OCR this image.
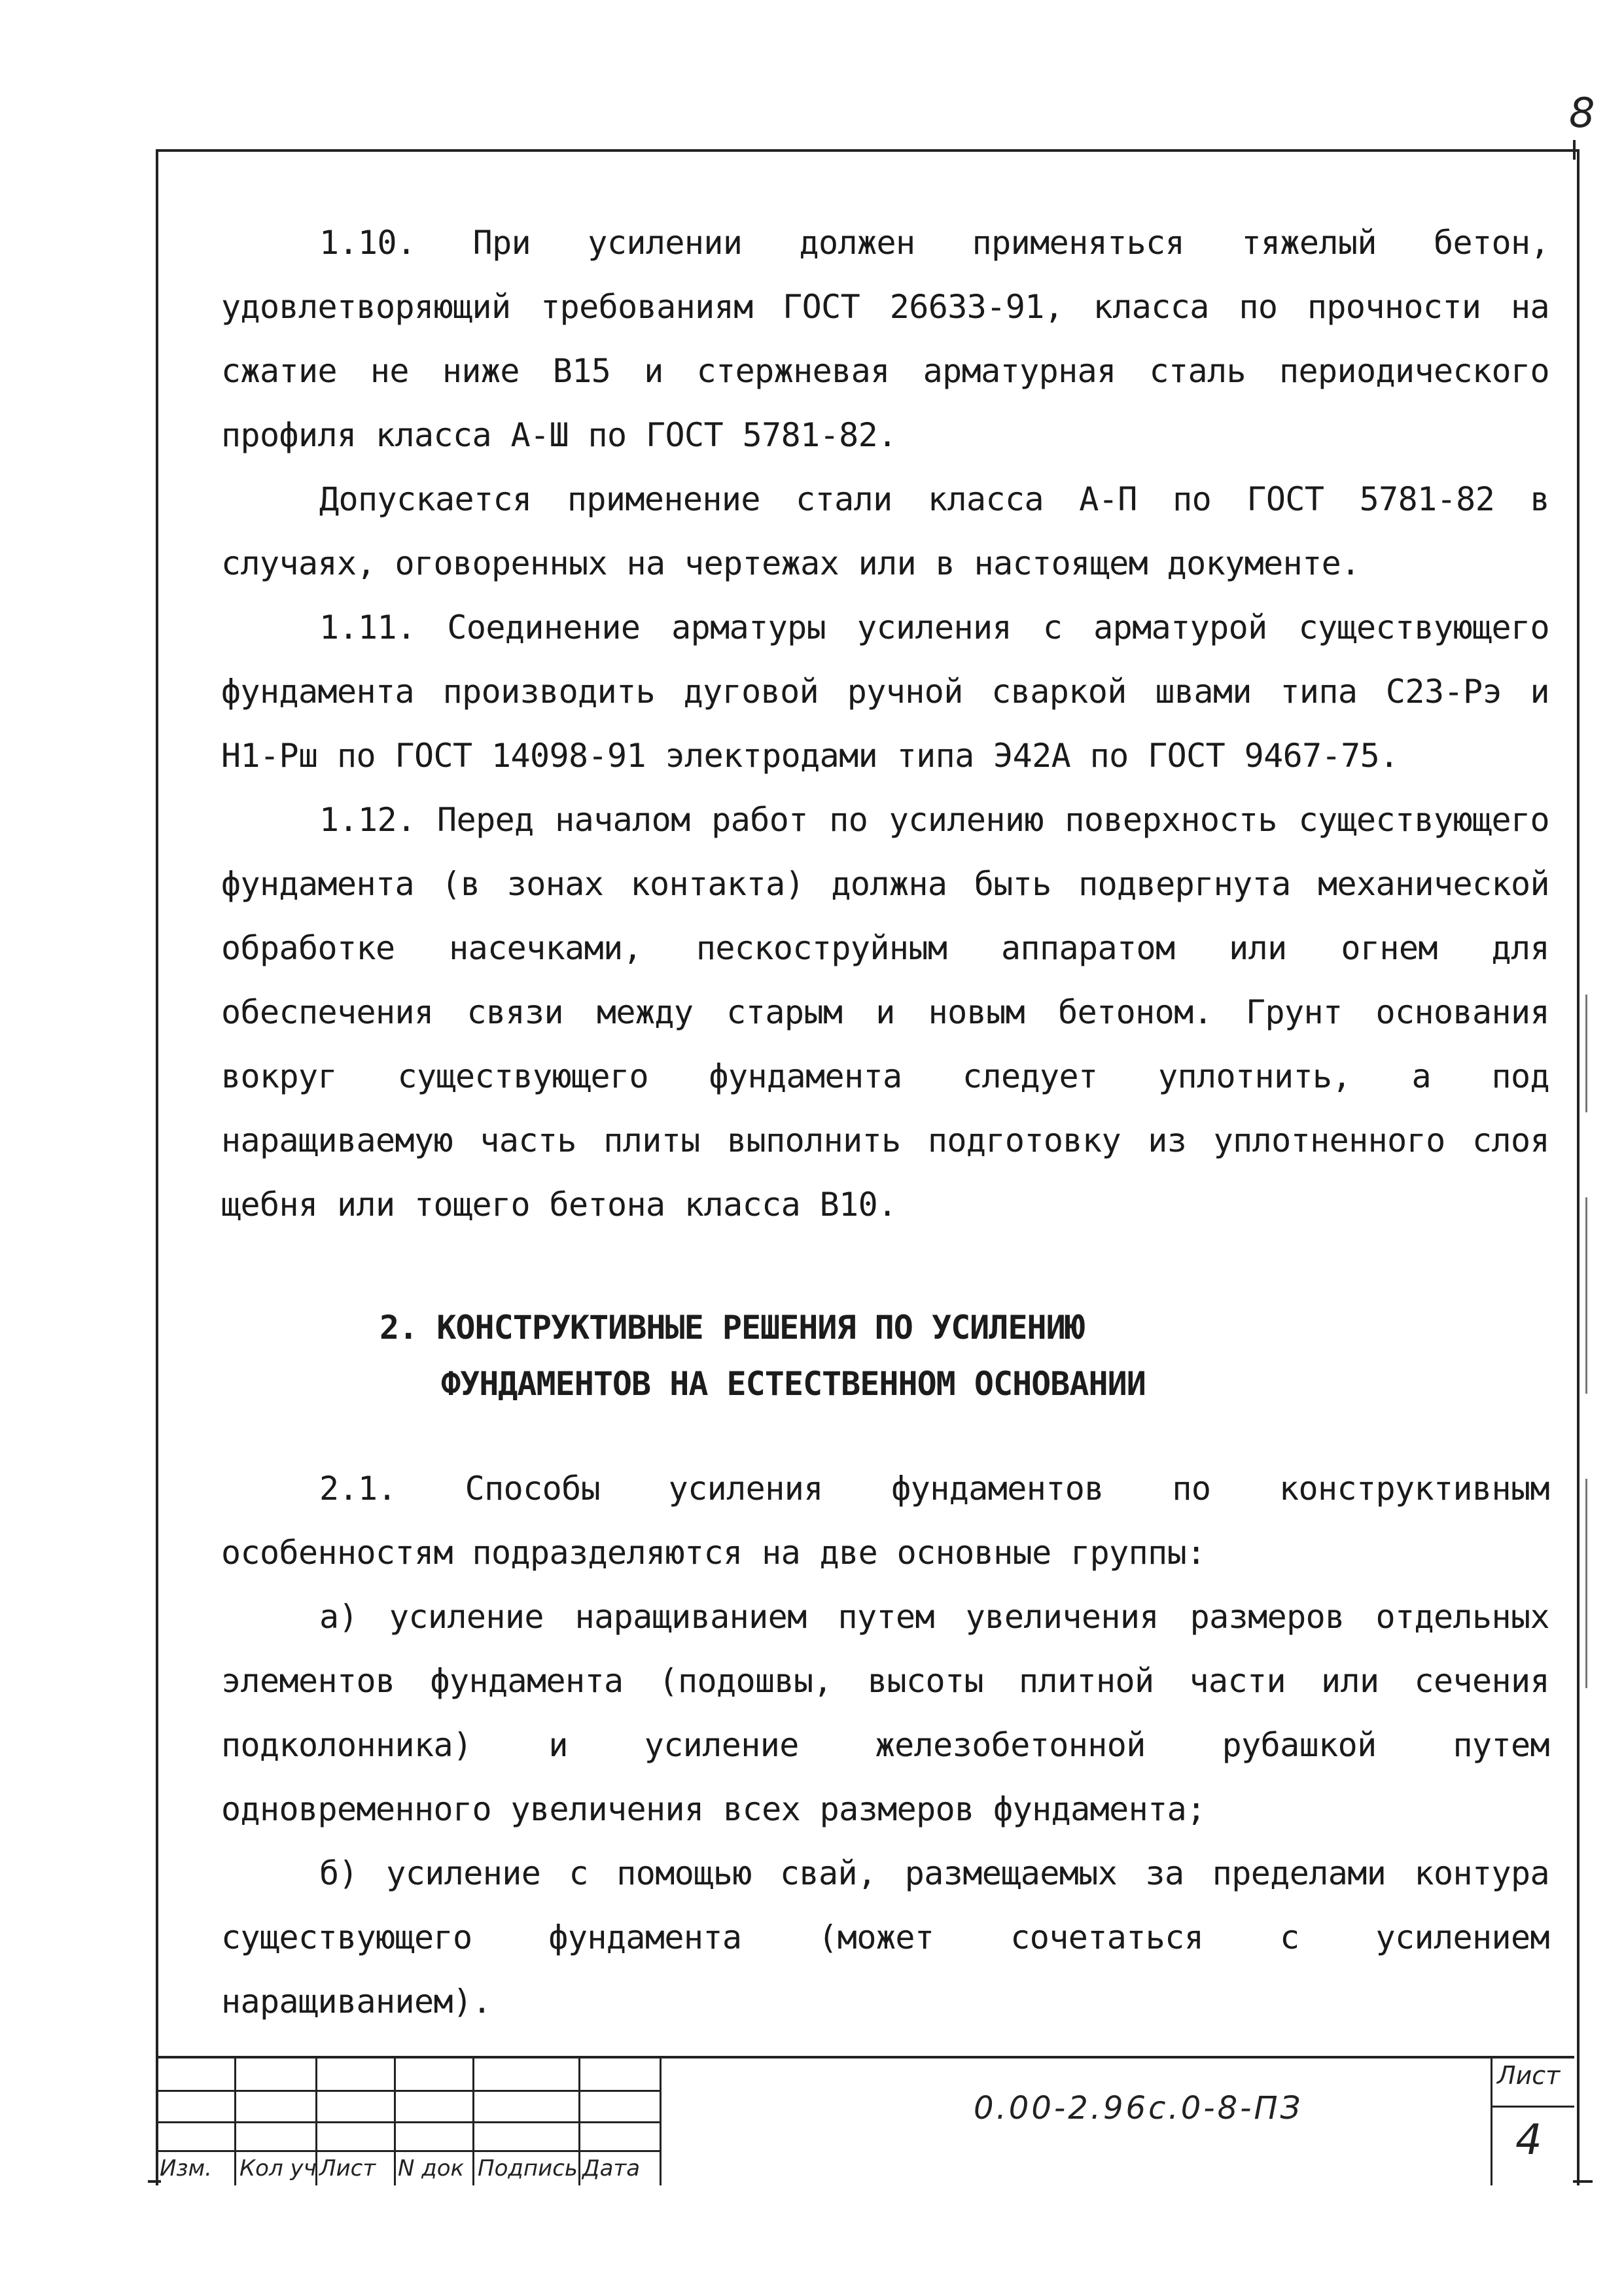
8

1.10. При усилении должен применяться тяжелый бетон, удовлетворяющий требованиям ГОСТ 26633-91, класса по прочности на сжатие не ниже В15 и стержневая арматурная сталь периодического профиля класса А-Ш по ГОСТ 5781-82.

Допускается применение стали класса А-П по ГОСТ 5781-82 в случаях, оговоренных на чертежах или в настоящем документе.

1.11. Соединение арматуры усиления с арматурой существующего фундамента производить дуговой ручной сваркой швами типа С23-Рэ и Н1-Рш по ГОСТ 14098-91 электродами типа Э42А по ГОСТ 9467-75.

1.12. Перед началом работ по усилению поверхность существующего фундамента (в зонах контакта) должна быть подвергнута механической обработке насечками, пескоструйным аппаратом или огнем для обеспечения связи между старым и новым бетоном. Грунт основания вокруг существующего фундамента следует уплотнить, а под наращиваемую часть плиты выполнить подготовку из уплотненного слоя щебня или тощего бетона класса В10.

2. КОНСТРУКТИВНЫЕ РЕШЕНИЯ ПО УСИЛЕНИЮ
ФУНДАМЕНТОВ НА ЕСТЕСТВЕННОМ ОСНОВАНИИ

2.1. Способы усиления фундаментов по конструктивным особенностям подразделяются на две основные группы:

а) усиление наращиванием путем увеличения размеров отдельных элементов фундамента (подошвы, высоты плитной части или сечения подколонника) и усиление железобетонной рубашкой путем одновременного увеличения всех размеров фундамента;

б) усиление с помощью свай, размещаемых за пределами контура существующего фундамента (может сочетаться с усилением наращиванием).

Изм. Кол уч Лист N док Подпись Дата
0.00-2.96с.0-8-ПЗ
Лист
4
